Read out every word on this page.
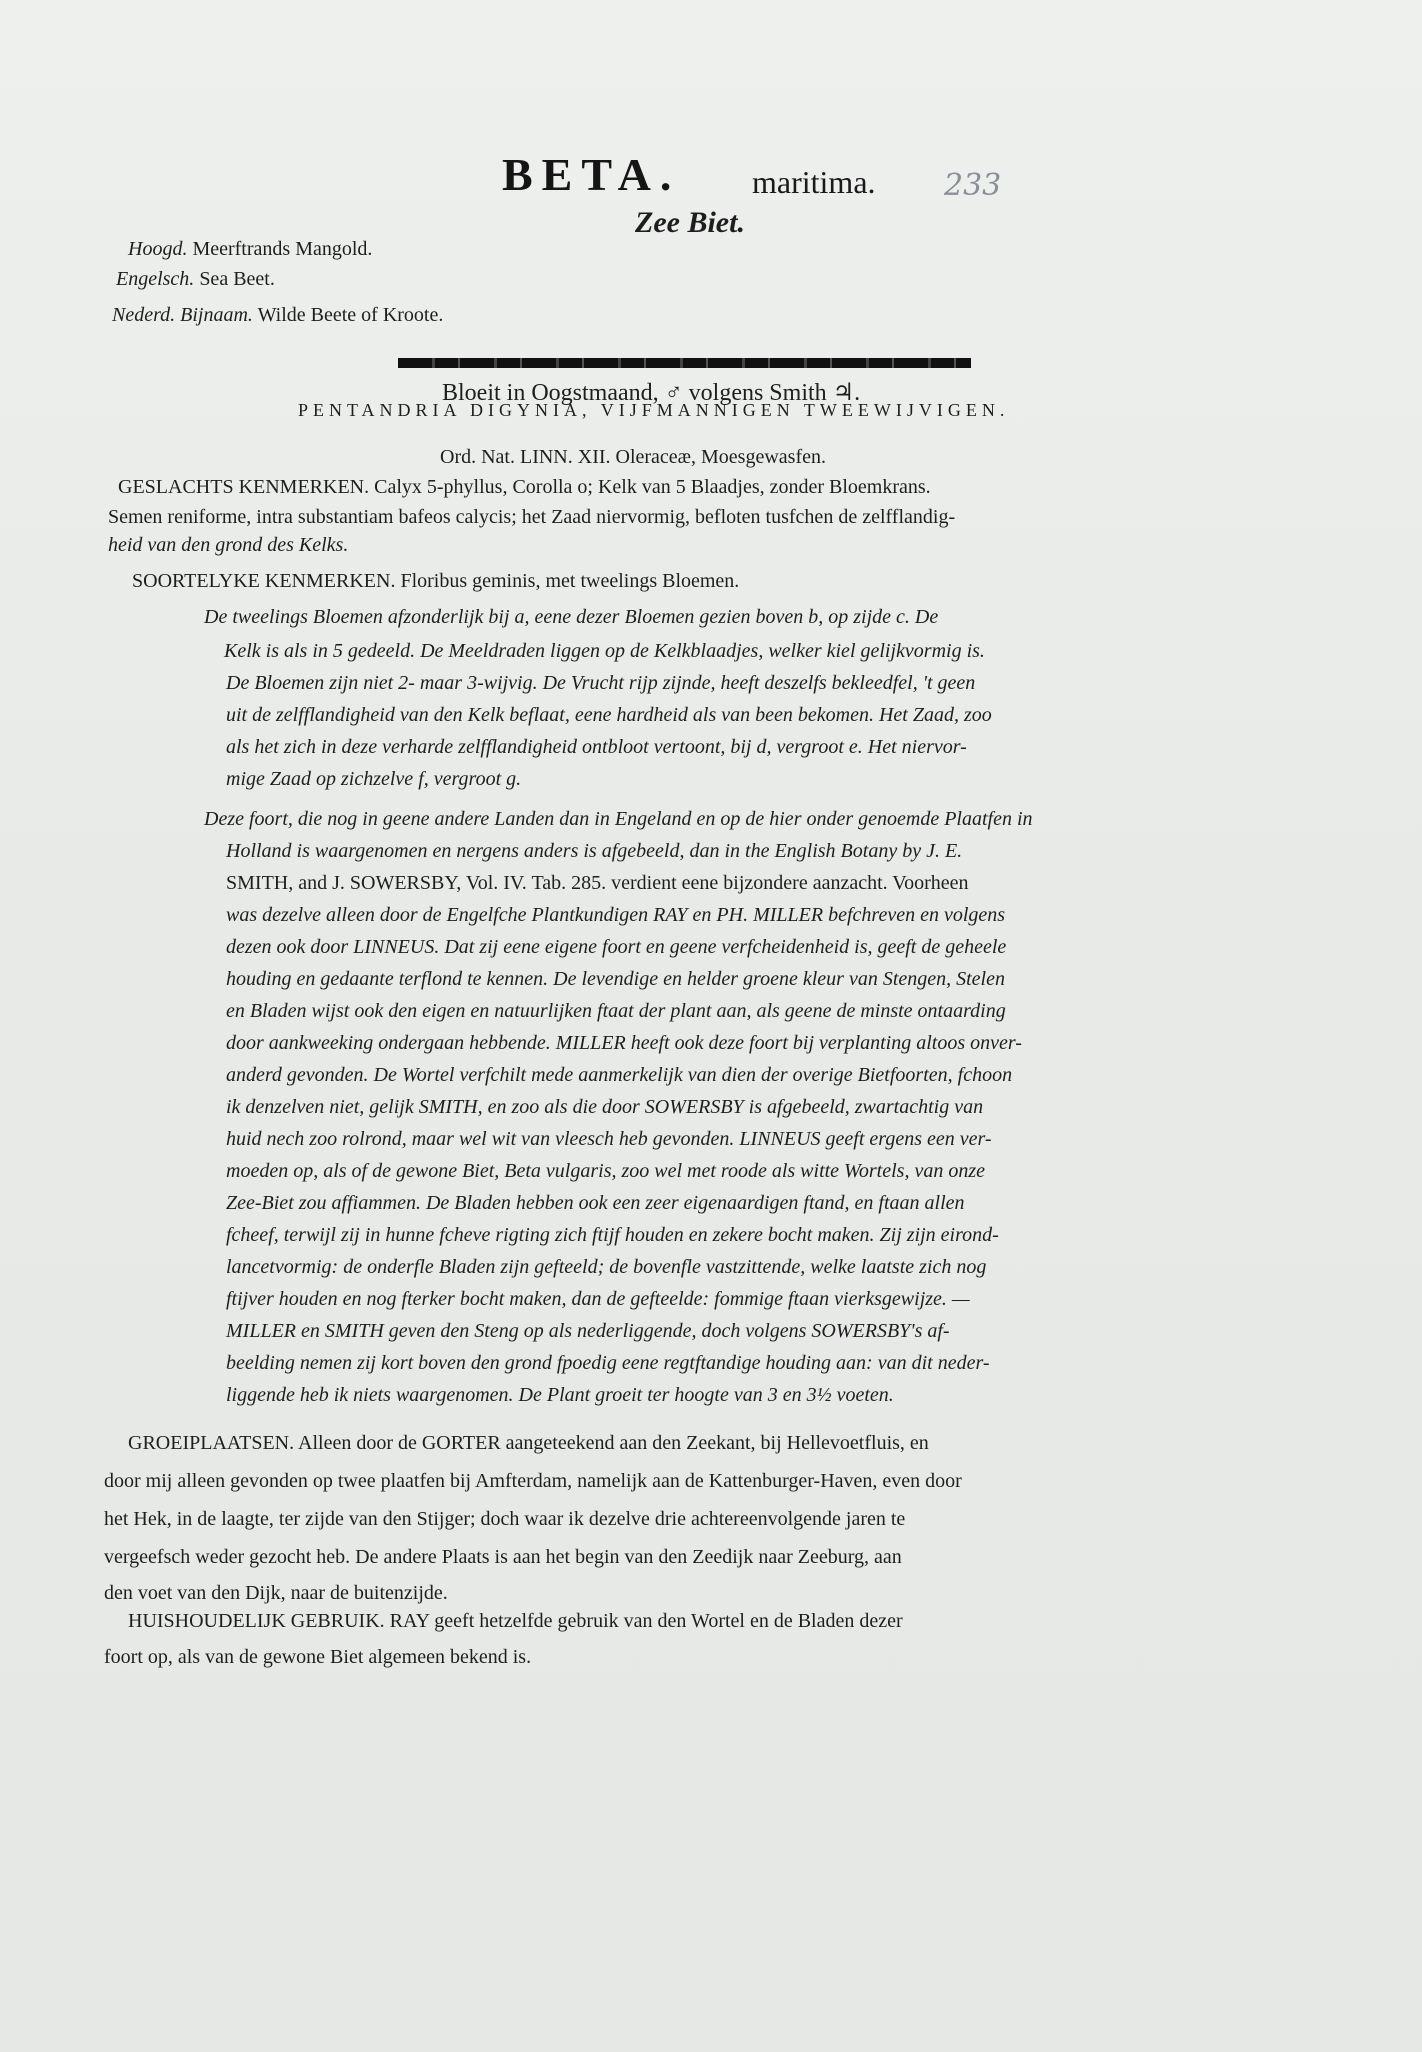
BETA. maritima. 233
Zee Biet.
Hoogd. Meerftrands Mangold.
Engelsch. Sea Beet.
Nederd. Bijnaam. Wilde Beete of Kroote.
Bloeit in Oogstmaand, ♂ volgens Smith ♃.
PENTANDRIA DIGYNIA, VIJFMANNIGEN TWEEWIJVIGEN.
Ord. Nat. LINN. XII. Oleraceæ, Moesgewasfen.
GESLACHTS KENMERKEN. Calyx 5-phyllus, Corolla o; Kelk van 5 Blaadjes, zonder Bloemkrans.
Semen reniforme, intra substantiam bafeos calycis; het Zaad niervormig, befloten tusfchen de zelfflandig-
heid van den grond des Kelks.
SOORTELYKE KENMERKEN. Floribus geminis, met tweelings Bloemen.
De tweelings Bloemen afzonderlijk bij a, eene dezer Bloemen gezien boven b, op zijde c. De
Kelk is als in 5 gedeeld. De Meeldraden liggen op de Kelkblaadjes, welker kiel gelijkvormig is.
De Bloemen zijn niet 2- maar 3-wijvig. De Vrucht rijp zijnde, heeft deszelfs bekleedfel, 't geen
uit de zelfflandigheid van den Kelk beflaat, eene hardheid als van been bekomen. Het Zaad, zoo
als het zich in deze verharde zelfflandigheid ontbloot vertoont, bij d, vergroot e. Het niervor-
mige Zaad op zichzelve f, vergroot g.
Deze foort, die nog in geene andere Landen dan in Engeland en op de hier onder genoemde Plaatfen in
Holland is waargenomen en nergens anders is afgebeeld, dan in the English Botany by J. E.
SMITH, and J. SOWERSBY, Vol. IV. Tab. 285. verdient eene bijzondere aanzacht. Voorheen
was dezelve alleen door de Engelfche Plantkundigen RAY en PH. MILLER befchreven en volgens
dezen ook door LINNEUS. Dat zij eene eigene foort en geene verfcheidenheid is, geeft de geheele
houding en gedaante terflond te kennen. De levendige en helder groene kleur van Stengen, Stelen
en Bladen wijst ook den eigen en natuurlijken ftaat der plant aan, als geene de minste ontaarding
door aankweeking ondergaan hebbende. MILLER heeft ook deze foort bij verplanting altoos onver-
anderd gevonden. De Wortel verfchilt mede aanmerkelijk van dien der overige Bietfoorten, fchoon
ik denzelven niet, gelijk SMITH, en zoo als die door SOWERSBY is afgebeeld, zwartachtig van
huid nech zoo rolrond, maar wel wit van vleesch heb gevonden. LINNEUS geeft ergens een ver-
moeden op, als of de gewone Biet, Beta vulgaris, zoo wel met roode als witte Wortels, van onze
Zee-Biet zou affiammen. De Bladen hebben ook een zeer eigenaardigen ftand, en ftaan allen
fcheef, terwijl zij in hunne fcheve rigting zich ftijf houden en zekere bocht maken. Zij zijn eirond-
lancetvormig: de onderfle Bladen zijn gefteeld; de bovenfle vastzittende, welke laatste zich nog
ftijver houden en nog fterker bocht maken, dan de gefteelde: fommige ftaan vierksgewijze. —
MILLER en SMITH geven den Steng op als nederliggende, doch volgens SOWERSBY's af-
beelding nemen zij kort boven den grond fpoedig eene regtftandige houding aan: van dit neder-
liggende heb ik niets waargenomen. De Plant groeit ter hoogte van 3 en 3½ voeten.
GROEIPLAATSEN. Alleen door de GORTER aangeteekend aan den Zeekant, bij Hellevoetfluis, en
door mij alleen gevonden op twee plaatfen bij Amfterdam, namelijk aan de Kattenburger-Haven, even door
het Hek, in de laagte, ter zijde van den Stijger; doch waar ik dezelve drie achtereenvolgende jaren te
vergeefsch weder gezocht heb. De andere Plaats is aan het begin van den Zeedijk naar Zeeburg, aan
den voet van den Dijk, naar de buitenzijde.
HUISHOUDELIJK GEBRUIK. RAY geeft hetzelfde gebruik van den Wortel en de Bladen dezer
foort op, als van de gewone Biet algemeen bekend is.
